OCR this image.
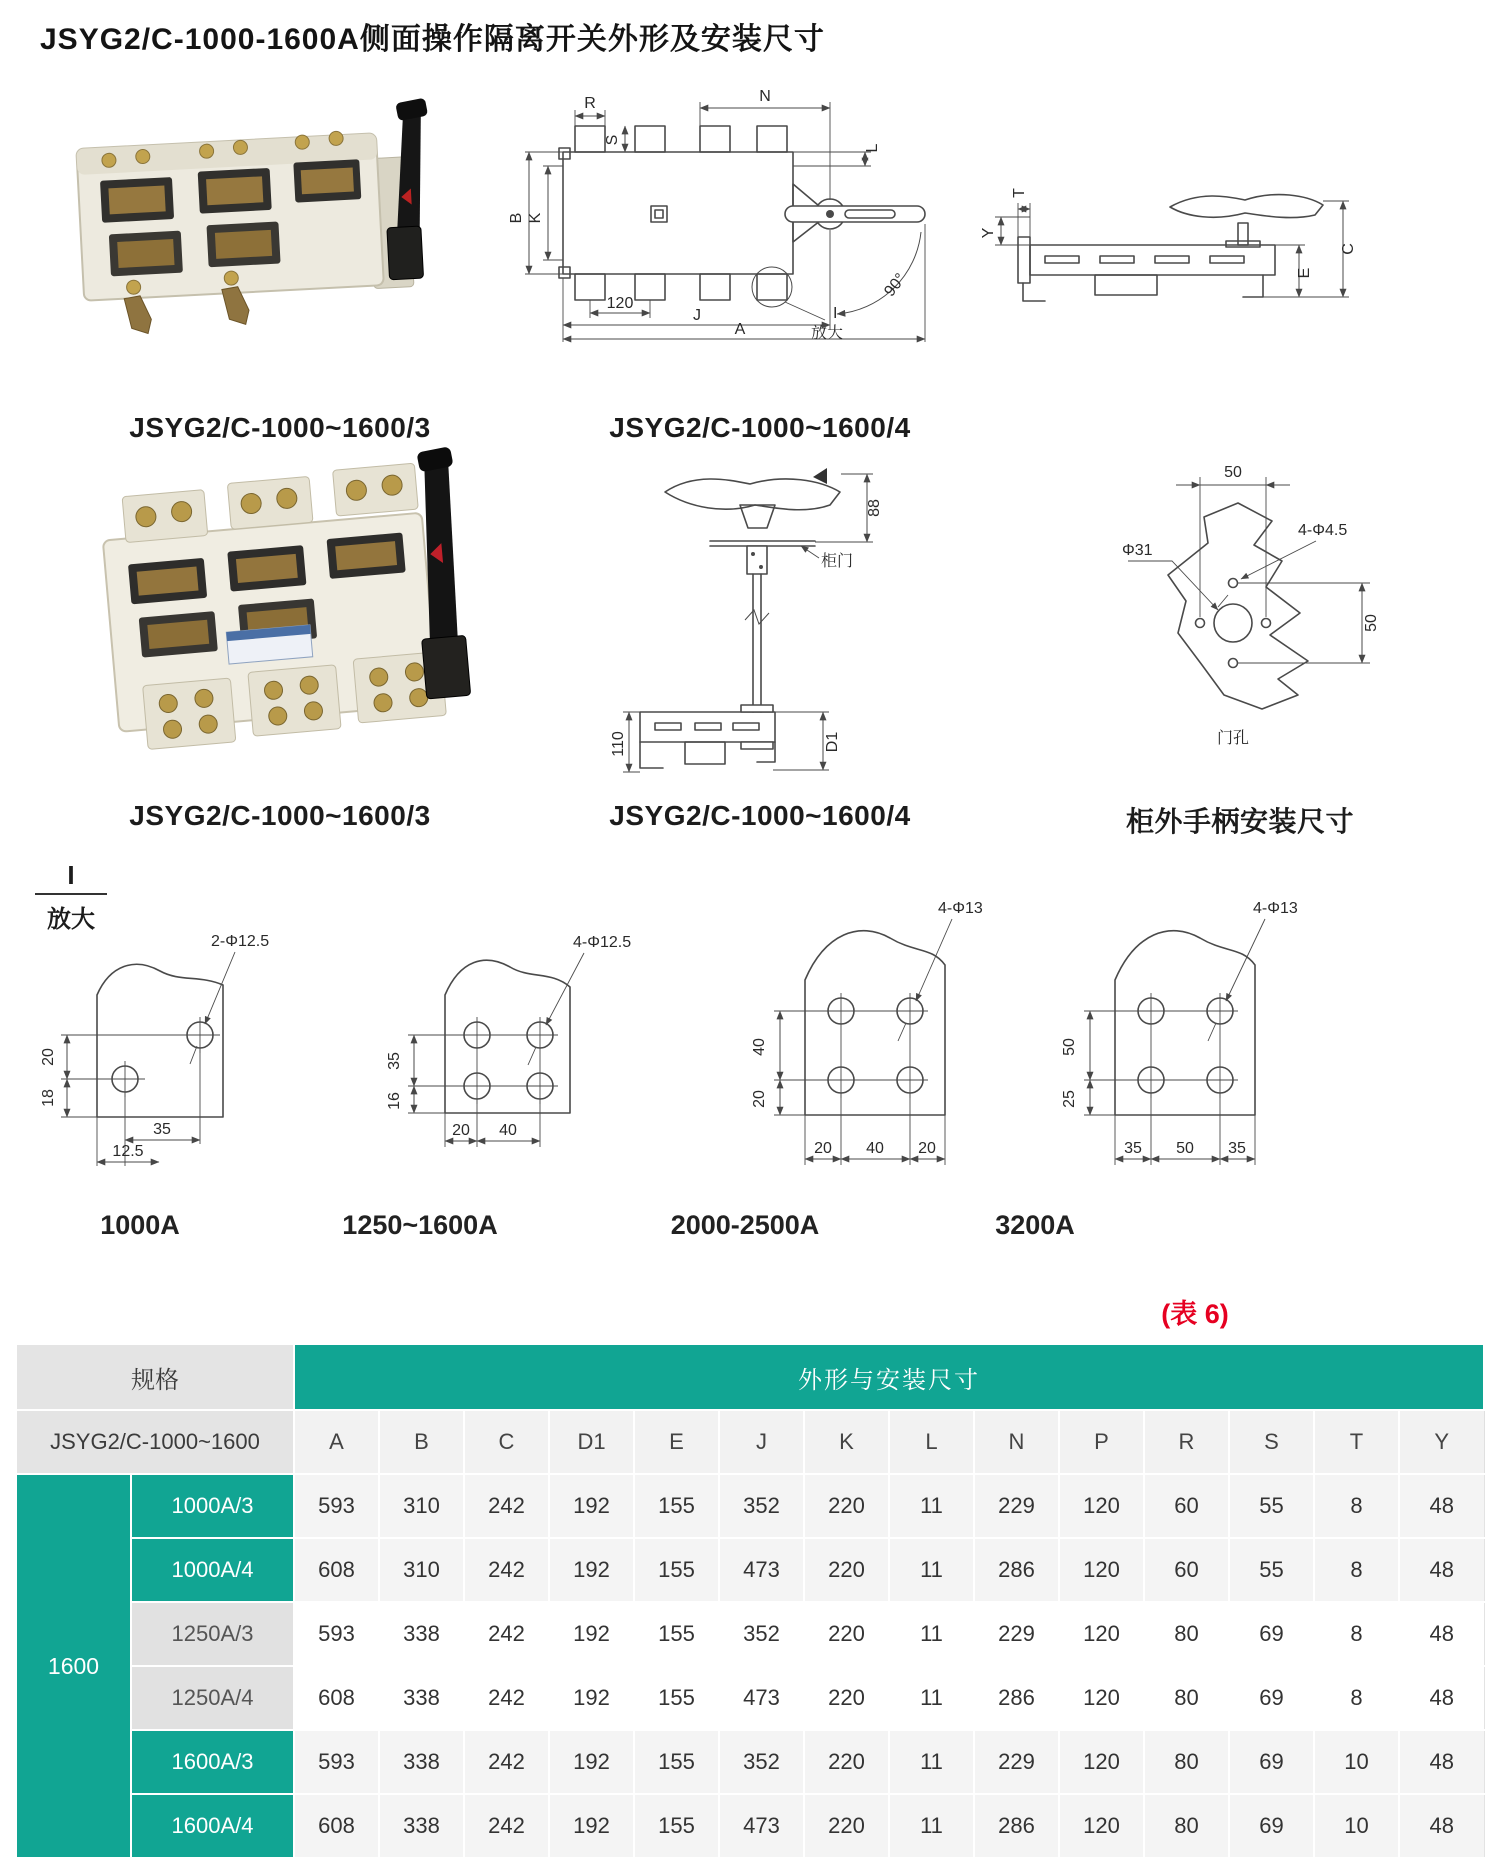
JSYG2/C-1000-1600A侧面操作隔离开关外形及安装尺寸
B K
R
S
N
L
120
J
A
90°
I
放大
Y
T
E
C
JSYG2/C-1000~1600/3	JSYG2/C-1000~1600/4
88
柜门
D1
110
50
Φ31
4-Φ4.5
50
门孔
JSYG2/C-1000~1600/3	JSYG2/C-1000~1600/4	柜外手柄安装尺寸
I
放大
20
18
35
12.5
2-Φ12.5
35
16
20 40
4-Φ12.5
40
20
20 40 20
4-Φ13
50
25
35 50 35
4-Φ13
1000A	1250~1600A	2000-2500A	3200A
(表 6)
规格		外形与安装尺寸													
JSYG2/C-1000~1600		A	B	C	D1	E	J	K	L	N	P	R	S	T	Y
1600	1000A/3	593	310	242	192	155	352	220	11	229	120	60	55	8	48
	1000A/4	608	310	242	192	155	473	220	11	286	120	60	55	8	48
	1250A/3	593	338	242	192	155	352	220	11	229	120	80	69	8	48
	1250A/4	608	338	242	192	155	473	220	11	286	120	80	69	8	48
	1600A/3	593	338	242	192	155	352	220	11	229	120	80	69	10	48
	1600A/4	608	338	242	192	155	473	220	11	286	120	80	69	10	48
